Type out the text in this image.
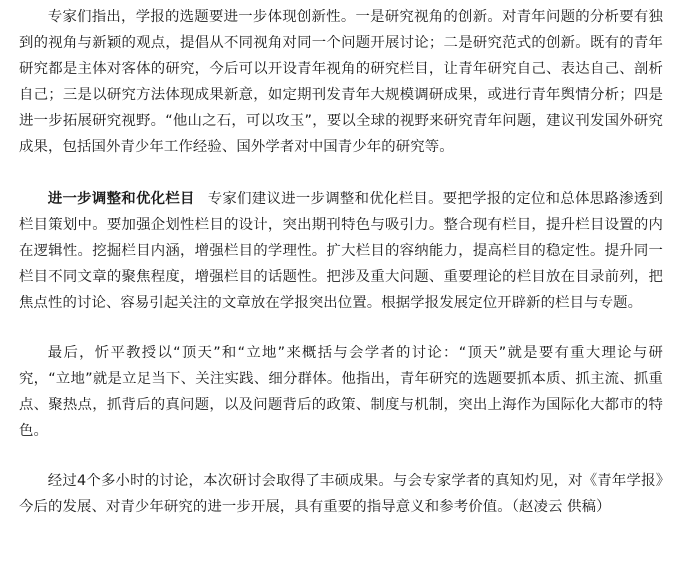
专家们指出，学报的选题要进一步体现创新性。一是研究视角的创新。对青年问题的分析要有独到的视角与新颖的观点，提倡从不同视角对同一个问题开展讨论；二是研究范式的创新。既有的青年研究都是主体对客体的研究，今后可以开设青年视角的研究栏目，让青年研究自己、表达自己、剖析自己；三是以研究方法体现成果新意，如定期刊发青年大规模调研成果，或进行青年舆情分析；四是进一步拓展研究视野。“他山之石，可以攻玉”，要以全球的视野来研究青年问题，建议刊发国外研究成果，包括国外青少年工作经验、国外学者对中国青少年的研究等。

进一步调整和优化栏目 专家们建议进一步调整和优化栏目。要把学报的定位和总体思路渗透到栏目策划中。要加强企划性栏目的设计，突出期刊特色与吸引力。整合现有栏目，提升栏目设置的内在逻辑性。挖掘栏目内涵，增强栏目的学理性。扩大栏目的容纳能力，提高栏目的稳定性。提升同一栏目不同文章的聚焦程度，增强栏目的话题性。把涉及重大问题、重要理论的栏目放在目录前列，把焦点性的讨论、容易引起关注的文章放在学报突出位置。根据学报发展定位开辟新的栏目与专题。

最后，忻平教授以“顶天”和“立地”来概括与会学者的讨论：“顶天”就是要有重大理论与研究，“立地”就是立足当下、关注实践、细分群体。他指出，青年研究的选题要抓本质、抓主流、抓重点、聚热点，抓背后的真问题，以及问题背后的政策、制度与机制，突出上海作为国际化大都市的特色。

经过4个多小时的讨论，本次研讨会取得了丰硕成果。与会专家学者的真知灼见，对《青年学报》今后的发展、对青少年研究的进一步开展，具有重要的指导意义和参考价值。（赵凌云 供稿）
